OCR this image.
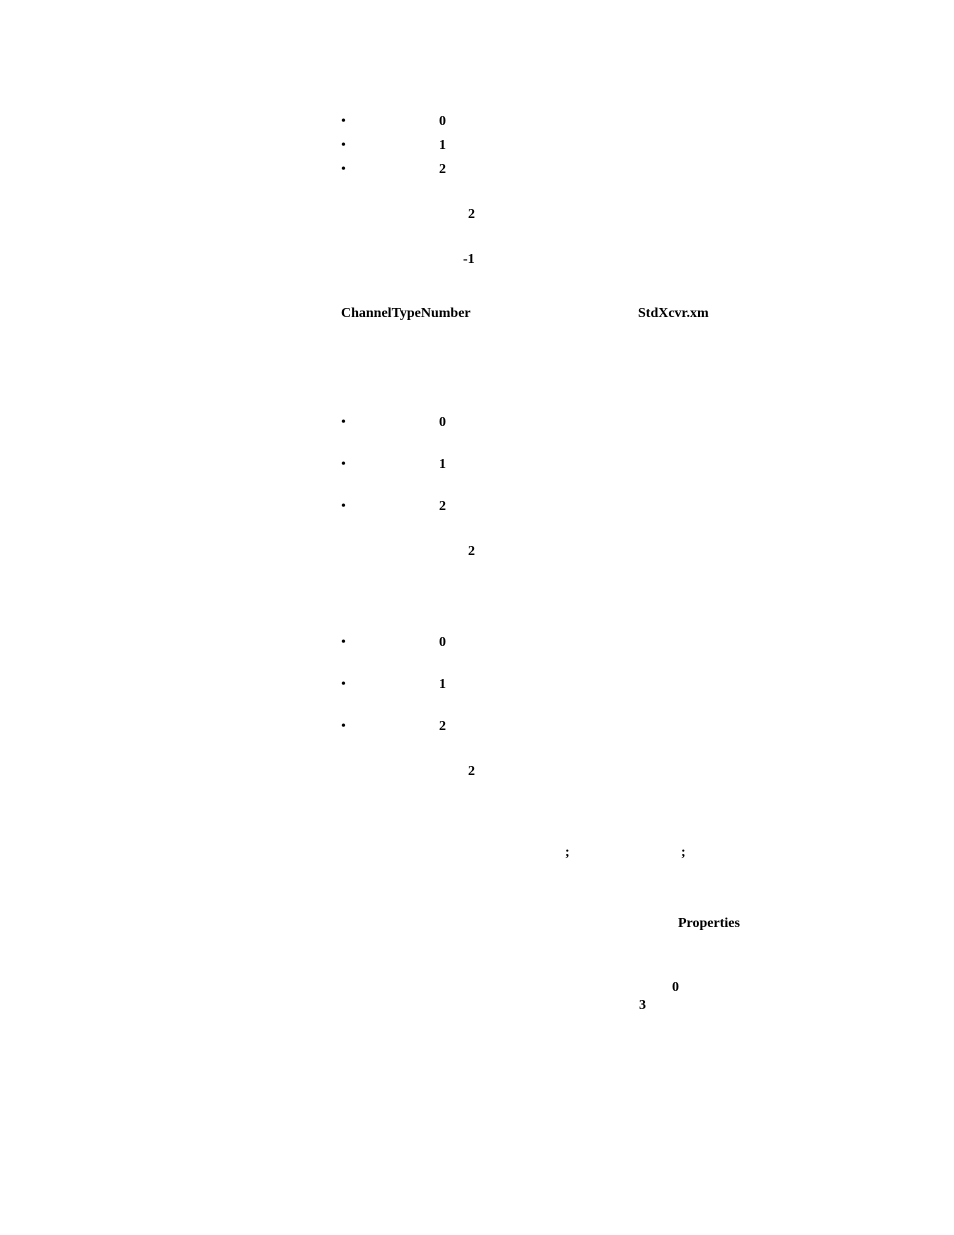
•	0
•	1
•	2
2
-1
ChannelTypeNumber	StdXcvr.xm
•	0
•	1
•	2
2
•	0
•	1
•	2
2
;	;
Properties
0
3
